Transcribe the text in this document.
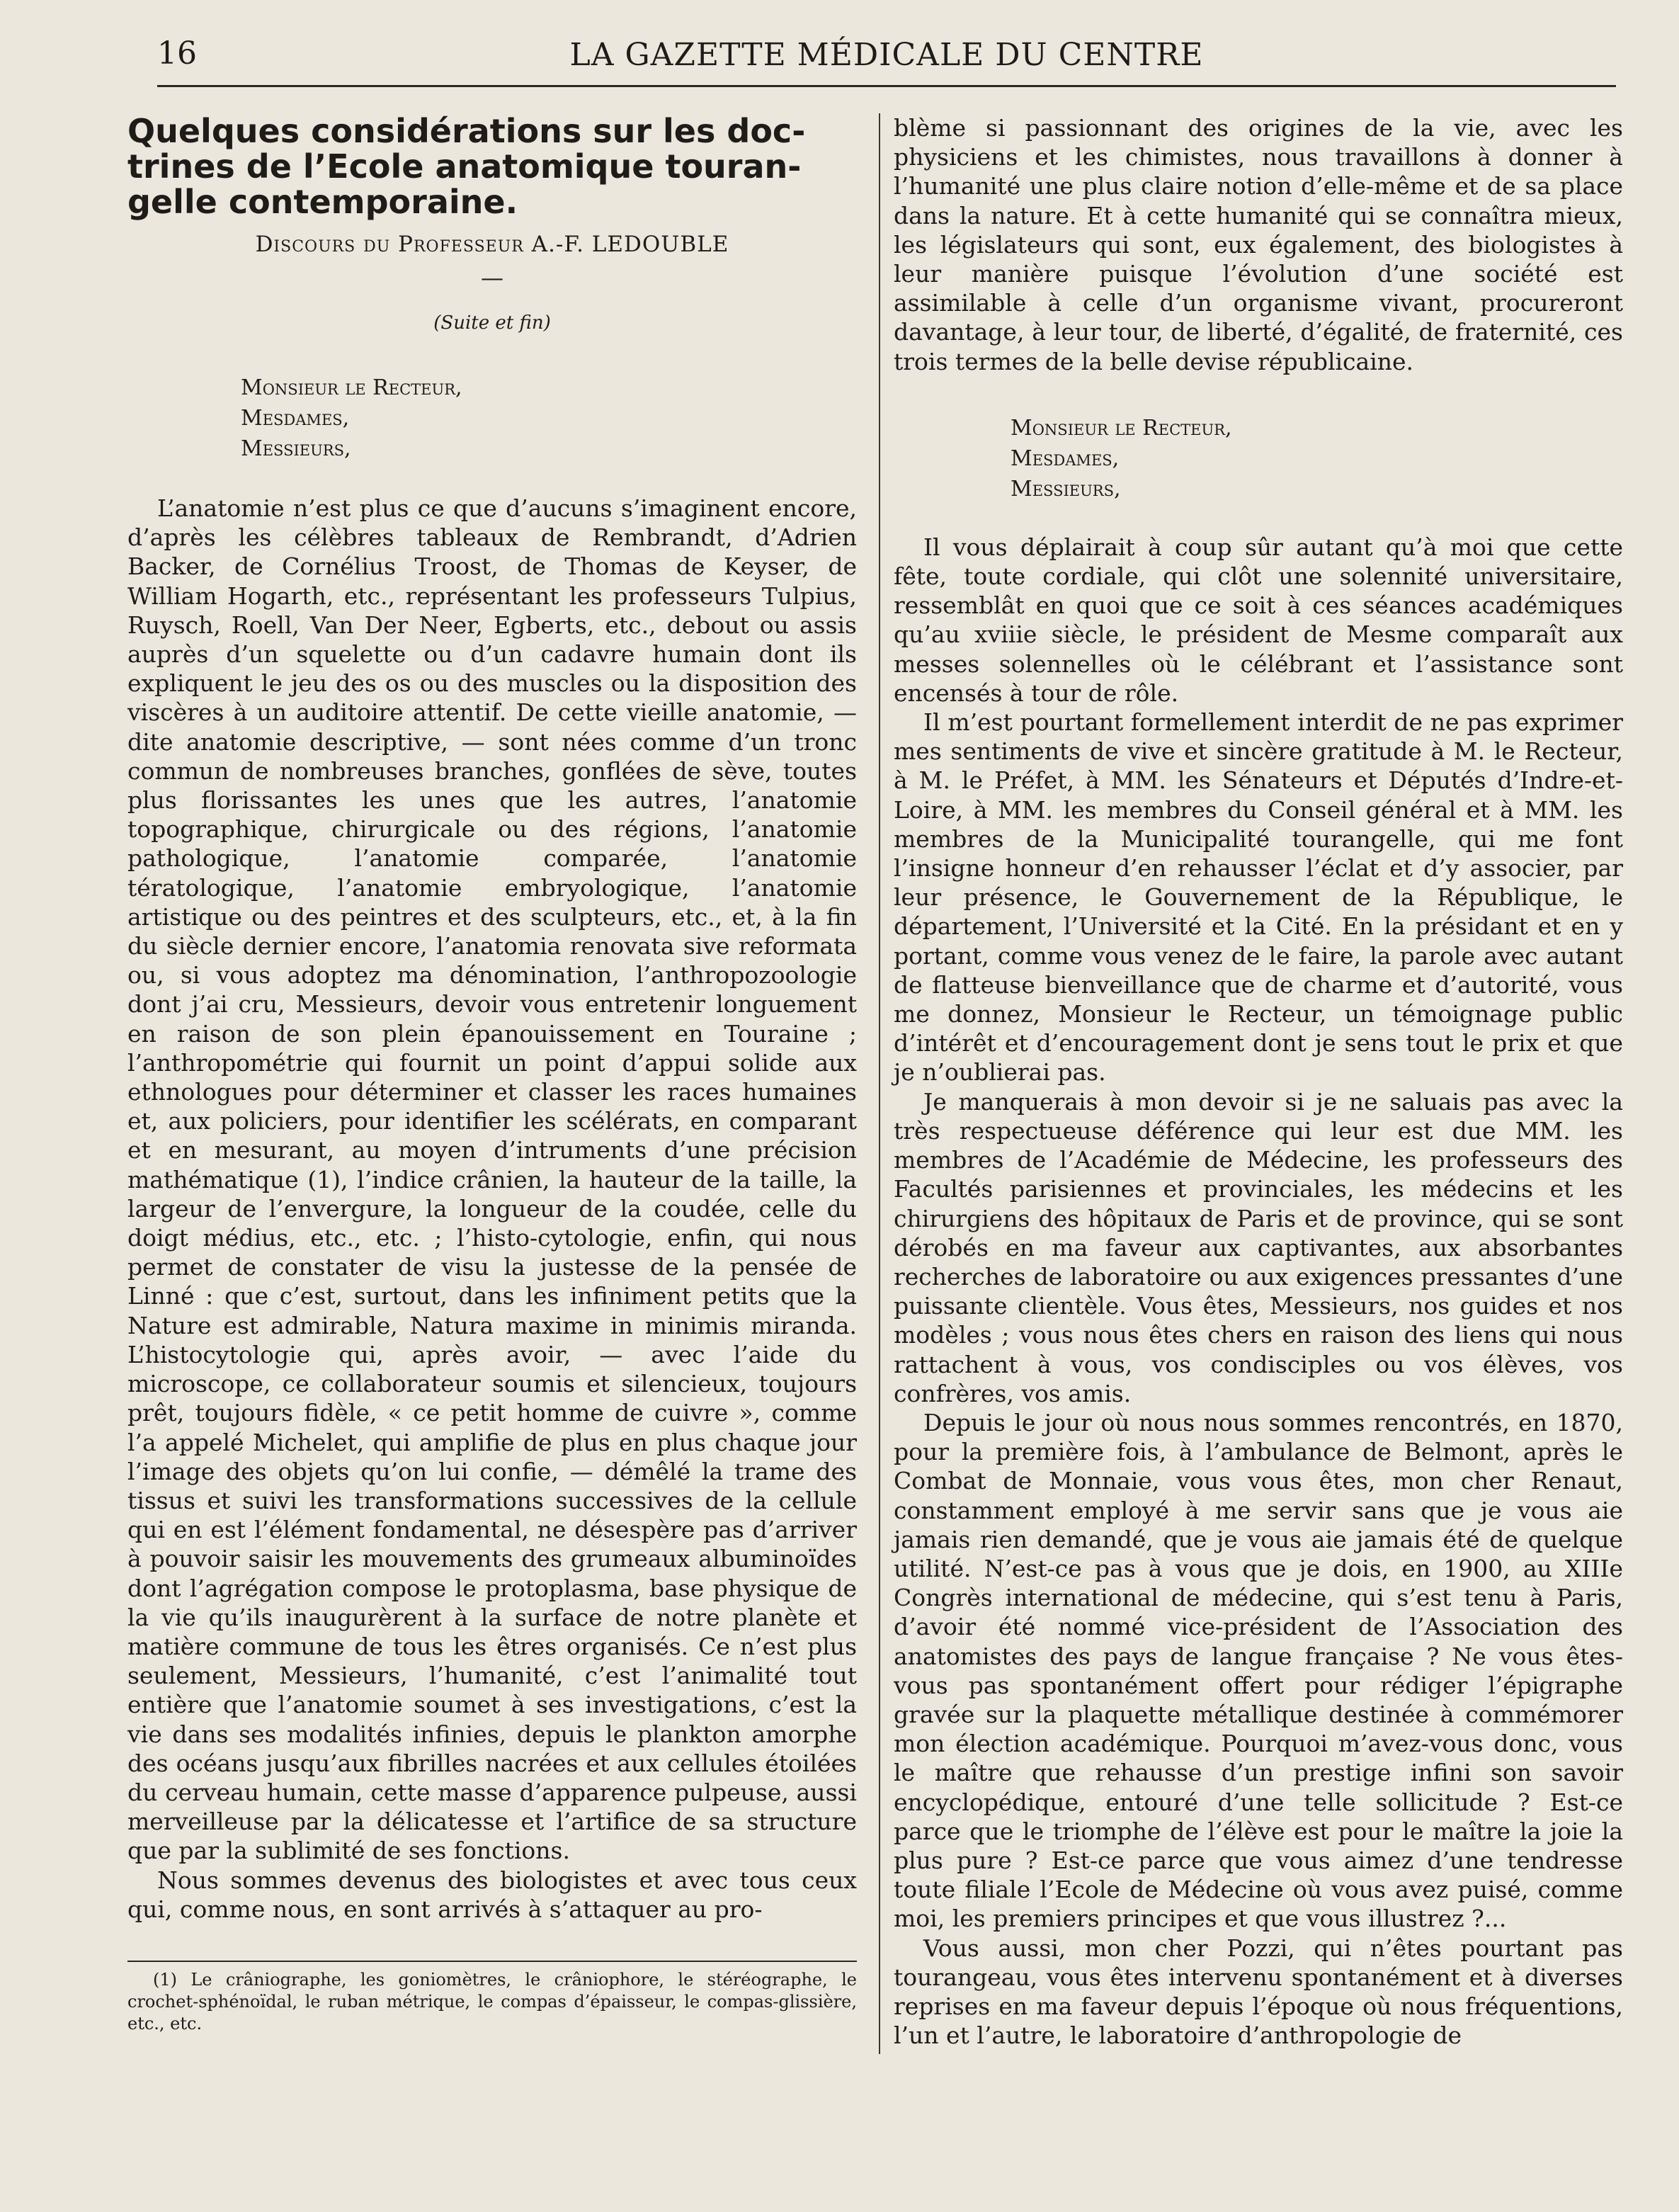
16	LA GAZETTE MÉDICALE DU CENTRE
Quelques considérations sur les doc-
trines de l’Ecole anatomique touran-
gelle contemporaine.
Discours du Professeur A.-F. LEDOUBLE
—
(Suite et fin)
Monsieur le Recteur,
Mesdames,
Messieurs,

L’anatomie n’est plus ce que d’aucuns s’imaginent encore, d’après les célèbres tableaux de Rembrandt, d’Adrien Backer, de Cornélius Troost, de Thomas de Keyser, de William Hogarth, etc., représentant les professeurs Tulpius, Ruysch, Roell, Van Der Neer, Egberts, etc., debout ou assis auprès d’un squelette ou d’un cadavre humain dont ils expliquent le jeu des os ou des muscles ou la disposition des viscères à un auditoire attentif. De cette vieille anatomie, — dite anatomie descriptive, — sont nées comme d’un tronc commun de nombreuses branches, gonflées de sève, toutes plus florissantes les unes que les autres, l’anatomie topographique, chirurgicale ou des régions, l’anatomie pathologique, l’anatomie comparée, l’anatomie tératologique, l’anatomie embryologique, l’anatomie artistique ou des peintres et des sculpteurs, etc., et, à la fin du siècle dernier encore, l’anatomia renovata sive reformata ou, si vous adoptez ma dénomination, l’anthropozoologie dont j’ai cru, Messieurs, devoir vous entretenir longuement en raison de son plein épanouissement en Touraine ; l’anthropométrie qui fournit un point d’appui solide aux ethnologues pour déterminer et classer les races humaines et, aux policiers, pour identifier les scélérats, en comparant et en mesurant, au moyen d’intruments d’une précision mathématique (1), l’indice crânien, la hauteur de la taille, la largeur de l’envergure, la longueur de la coudée, celle du doigt médius, etc., etc. ; l’histo-cytologie, enfin, qui nous permet de constater de visu la justesse de la pensée de Linné : que c’est, surtout, dans les infiniment petits que la Nature est admirable, Natura maxime in minimis miranda. L’histocytologie qui, après avoir, — avec l’aide du microscope, ce collaborateur soumis et silencieux, toujours prêt, toujours fidèle, « ce petit homme de cuivre », comme l’a appelé Michelet, qui amplifie de plus en plus chaque jour l’image des objets qu’on lui confie, — démêlé la trame des tissus et suivi les transformations successives de la cellule qui en est l’élément fondamental, ne désespère pas d’arriver à pouvoir saisir les mouvements des grumeaux albuminoïdes dont l’agrégation compose le protoplasma, base physique de la vie qu’ils inaugurèrent à la surface de notre planète et matière commune de tous les êtres organisés. Ce n’est plus seulement, Messieurs, l’humanité, c’est l’animalité tout entière que l’anatomie soumet à ses investigations, c’est la vie dans ses modalités infinies, depuis le plankton amorphe des océans jusqu’aux fibrilles nacrées et aux cellules étoilées du cerveau humain, cette masse d’apparence pulpeuse, aussi merveilleuse par la délicatesse et l’artifice de sa structure que par la sublimité de ses fonctions.

Nous sommes devenus des biologistes et avec tous ceux qui, comme nous, en sont arrivés à s’attaquer au pro-

(1) Le crâniographe, les goniomètres, le crâniophore, le stéréographe, le crochet-sphénoïdal, le ruban métrique, le compas d’épaisseur, le compas-glissière, etc., etc.

blème si passionnant des origines de la vie, avec les physiciens et les chimistes, nous travaillons à donner à l’humanité une plus claire notion d’elle-même et de sa place dans la nature. Et à cette humanité qui se connaîtra mieux, les législateurs qui sont, eux également, des biologistes à leur manière puisque l’évolution d’une société est assimilable à celle d’un organisme vivant, procureront davantage, à leur tour, de liberté, d’égalité, de fraternité, ces trois termes de la belle devise républicaine.

Monsieur le Recteur,
Mesdames,
Messieurs,

Il vous déplairait à coup sûr autant qu’à moi que cette fête, toute cordiale, qui clôt une solennité universitaire, ressemblât en quoi que ce soit à ces séances académiques qu’au xviiie siècle, le président de Mesme comparaît aux messes solennelles où le célébrant et l’assistance sont encensés à tour de rôle.

Il m’est pourtant formellement interdit de ne pas exprimer mes sentiments de vive et sincère gratitude à M. le Recteur, à M. le Préfet, à MM. les Sénateurs et Députés d’Indre-et-Loire, à MM. les membres du Conseil général et à MM. les membres de la Municipalité tourangelle, qui me font l’insigne honneur d’en rehausser l’éclat et d’y associer, par leur présence, le Gouvernement de la République, le département, l’Université et la Cité. En la présidant et en y portant, comme vous venez de le faire, la parole avec autant de flatteuse bienveillance que de charme et d’autorité, vous me donnez, Monsieur le Recteur, un témoignage public d’intérêt et d’encouragement dont je sens tout le prix et que je n’oublierai pas.

Je manquerais à mon devoir si je ne saluais pas avec la très respectueuse déférence qui leur est due MM. les membres de l’Académie de Médecine, les professeurs des Facultés parisiennes et provinciales, les médecins et les chirurgiens des hôpitaux de Paris et de province, qui se sont dérobés en ma faveur aux captivantes, aux absorbantes recherches de laboratoire ou aux exigences pressantes d’une puissante clientèle. Vous êtes, Messieurs, nos guides et nos modèles ; vous nous êtes chers en raison des liens qui nous rattachent à vous, vos condisciples ou vos élèves, vos confrères, vos amis.

Depuis le jour où nous nous sommes rencontrés, en 1870, pour la première fois, à l’ambulance de Belmont, après le Combat de Monnaie, vous vous êtes, mon cher Renaut, constamment employé à me servir sans que je vous aie jamais rien demandé, que je vous aie jamais été de quelque utilité. N’est-ce pas à vous que je dois, en 1900, au XIIIe Congrès international de médecine, qui s’est tenu à Paris, d’avoir été nommé vice-président de l’Association des anatomistes des pays de langue française ? Ne vous êtes-vous pas spontanément offert pour rédiger l’épigraphe gravée sur la plaquette métallique destinée à commémorer mon élection académique. Pourquoi m’avez-vous donc, vous le maître que rehausse d’un prestige infini son savoir encyclopédique, entouré d’une telle sollicitude ? Est-ce parce que le triomphe de l’élève est pour le maître la joie la plus pure ? Est-ce parce que vous aimez d’une tendresse toute filiale l’Ecole de Médecine où vous avez puisé, comme moi, les premiers principes et que vous illustrez ?...

Vous aussi, mon cher Pozzi, qui n’êtes pourtant pas tourangeau, vous êtes intervenu spontanément et à diverses reprises en ma faveur depuis l’époque où nous fréquentions, l’un et l’autre, le laboratoire d’anthropologie de
